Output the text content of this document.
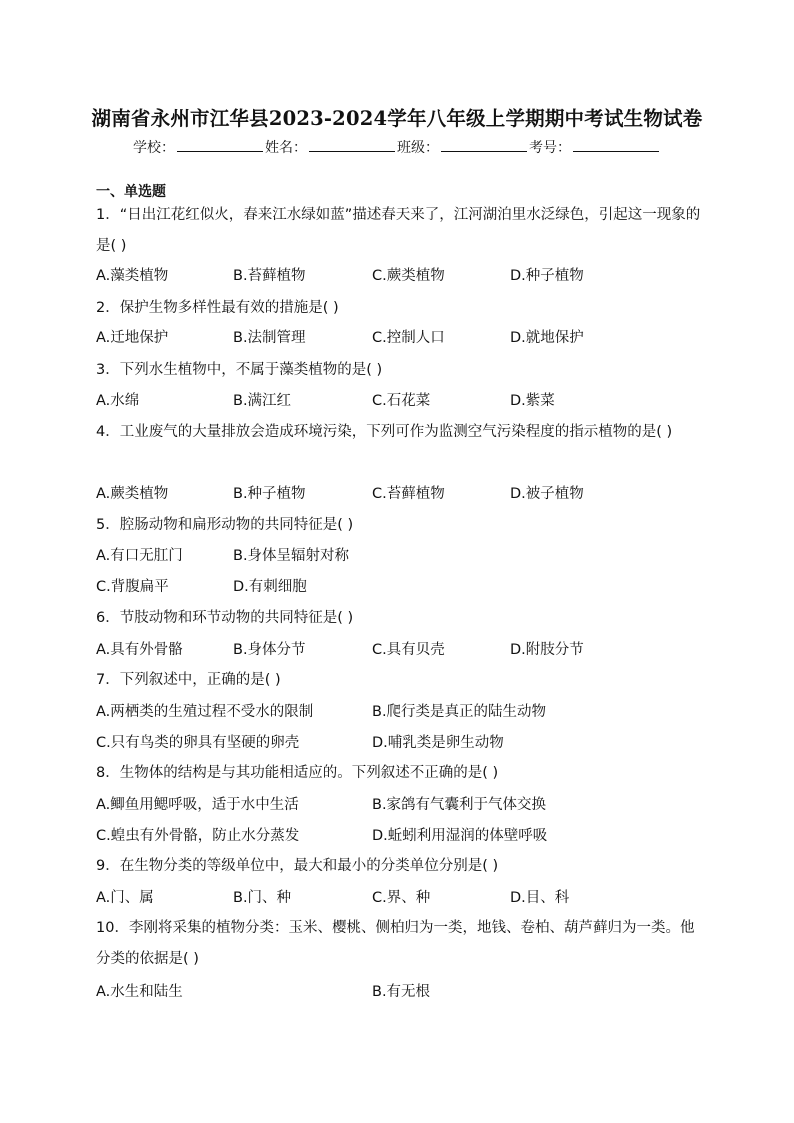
湖南省永州市江华县2023-2024学年八年级上学期期中考试生物试卷
学校：	姓名：	班级：	考号：
一、单选题
1．“日出江花红似火，春来江水绿如蓝”描述春天来了，江河湖泊里水泛绿色，引起这一现象的是( )
A.藻类植物	B.苔藓植物	C.蕨类植物	D.种子植物
2．保护生物多样性最有效的措施是( )
A.迁地保护	B.法制管理	C.控制人口	D.就地保护
3．下列水生植物中，不属于藻类植物的是( )
A.水绵	B.满江红	C.石花菜	D.紫菜
4．工业废气的大量排放会造成环境污染，下列可作为监测空气污染程度的指示植物的是( )
A.蕨类植物	B.种子植物	C.苔藓植物	D.被子植物
5．腔肠动物和扁形动物的共同特征是( )
A.有口无肛门	B.身体呈辐射对称
C.背腹扁平	D.有刺细胞
6．节肢动物和环节动物的共同特征是( )
A.具有外骨骼	B.身体分节	C.具有贝壳	D.附肢分节
7．下列叙述中，正确的是( )
A.两栖类的生殖过程不受水的限制	B.爬行类是真正的陆生动物
C.只有鸟类的卵具有坚硬的卵壳	D.哺乳类是卵生动物
8．生物体的结构是与其功能相适应的。下列叙述不正确的是( )
A.鲫鱼用鳃呼吸，适于水中生活	B.家鸽有气囊利于气体交换
C.蝗虫有外骨骼，防止水分蒸发	D.蚯蚓利用湿润的体壁呼吸
9．在生物分类的等级单位中，最大和最小的分类单位分别是( )
A.门、属	B.门、种	C.界、种	D.目、科
10．李刚将采集的植物分类：玉米、樱桃、侧柏归为一类，地钱、卷柏、葫芦藓归为一类。他分类的依据是( )
A.水生和陆生	B.有无根
